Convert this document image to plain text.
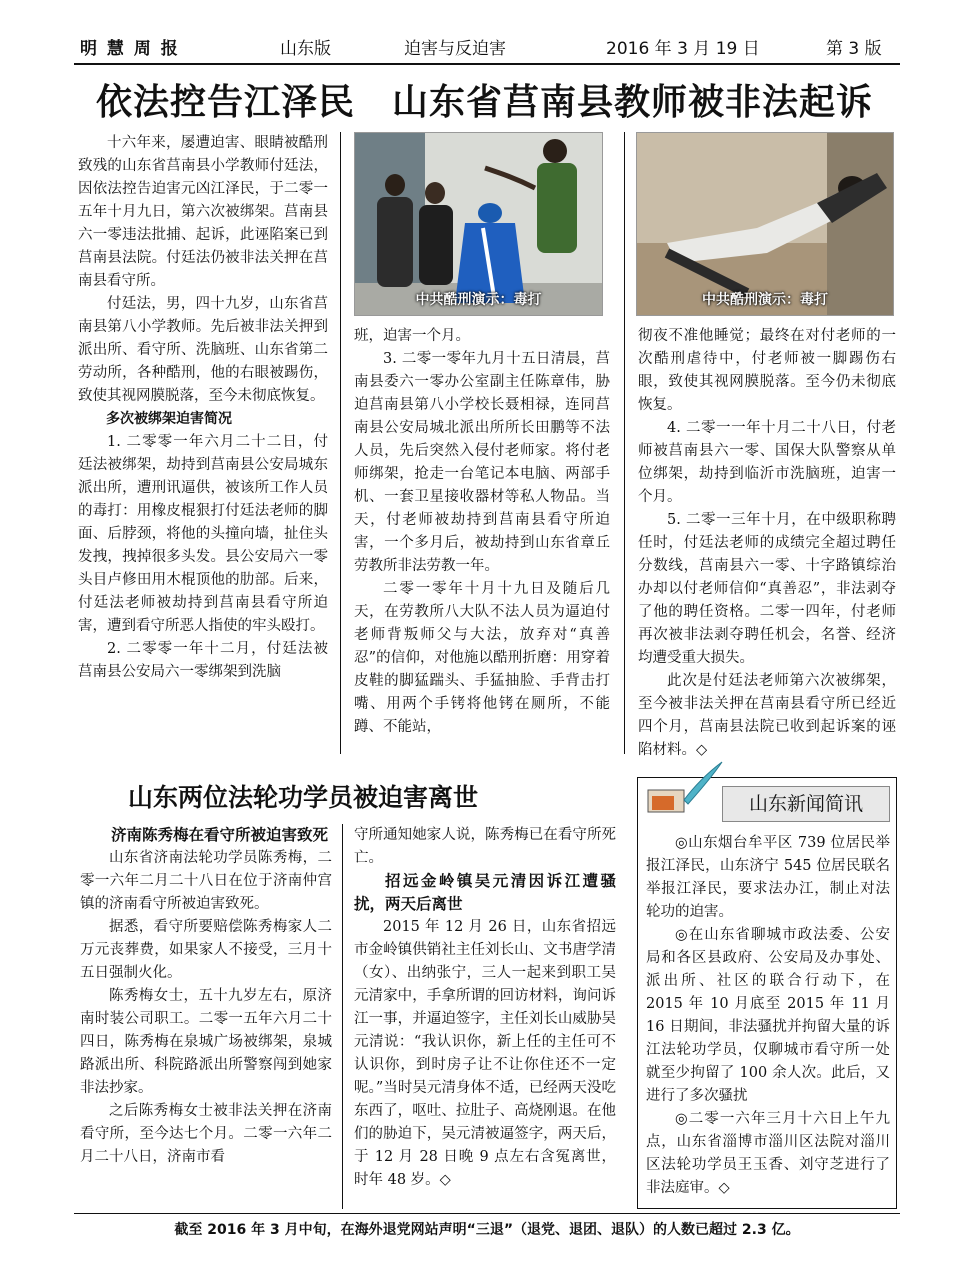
明 慧 周 报	山东版	迫害与反迫害	2016 年 3 月 19 日	第 3 版
依法控告江泽民　山东省莒南县教师被非法起诉

十六年来，屡遭迫害、眼睛被酷刑致残的山东省莒南县小学教师付廷法，因依法控告迫害元凶江泽民，于二零一五年十月九日，第六次被绑架。莒南县六一零违法批捕、起诉，此诬陷案已到莒南县法院。付廷法仍被非法关押在莒南县看守所。

付廷法，男，四十九岁，山东省莒南县第八小学教师。先后被非法关押到派出所、看守所、洗脑班、山东省第二劳动所，各种酷刑，他的右眼被踢伤，致使其视网膜脱落，至今未彻底恢复。

多次被绑架迫害简况

1. 二零零一年六月二十二日，付廷法被绑架，劫持到莒南县公安局城东派出所，遭刑讯逼供，被该所工作人员的毒打：用橡皮棍狠打付廷法老师的脚面、后脖颈，将他的头撞向墙，扯住头发拽，拽掉很多头发。县公安局六一零头目卢修田用木棍顶他的肋部。后来，付廷法老师被劫持到莒南县看守所迫害，遭到看守所恶人指使的牢头殴打。

2. 二零零一年十二月，付廷法被莒南县公安局六一零绑架到洗脑

中共酷刑演示：毒打

班，迫害一个月。

3. 二零一零年九月十五日清晨，莒南县委六一零办公室副主任陈章伟，胁迫莒南县第八小学校长聂相禄，连同莒南县公安局城北派出所所长田鹏等不法人员，先后突然入侵付老师家。将付老师绑架，抢走一台笔记本电脑、两部手机、一套卫星接收器材等私人物品。当天，付老师被劫持到莒南县看守所迫害，一个多月后，被劫持到山东省章丘劳教所非法劳教一年。

二零一零年十月十九日及随后几天，在劳教所八大队不法人员为逼迫付老师背叛师父与大法，放弃对“真善忍”的信仰，对他施以酷刑折磨：用穿着皮鞋的脚猛踹头、手猛抽脸、手背击打嘴、用两个手铐将他铐在厕所，不能蹲、不能站，

中共酷刑演示：毒打

彻夜不准他睡觉；最终在对付老师的一次酷刑虐待中，付老师被一脚踢伤右眼，致使其视网膜脱落。至今仍未彻底恢复。

4. 二零一一年十月二十八日，付老师被莒南县六一零、国保大队警察从单位绑架，劫持到临沂市洗脑班，迫害一个月。

5. 二零一三年十月，在中级职称聘任时，付廷法老师的成绩完全超过聘任分数线，莒南县六一零、十字路镇综治办却以付老师信仰“真善忍”，非法剥夺了他的聘任资格。二零一四年，付老师再次被非法剥夺聘任机会，名誉、经济均遭受重大损失。

此次是付廷法老师第六次被绑架，至今被非法关押在莒南县看守所已经近四个月，莒南县法院已收到起诉案的诬陷材料。◇

山东两位法轮功学员被迫害离世

济南陈秀梅在看守所被迫害致死

山东省济南法轮功学员陈秀梅，二零一六年二月二十八日在位于济南仲宫镇的济南看守所被迫害致死。

据悉，看守所要赔偿陈秀梅家人二万元丧葬费，如果家人不接受，三月十五日强制火化。

陈秀梅女士，五十九岁左右，原济南时装公司职工。二零一五年六月二十四日，陈秀梅在泉城广场被绑架，泉城路派出所、科院路派出所警察闯到她家非法抄家。

之后陈秀梅女士被非法关押在济南看守所，至今达七个月。二零一六年二月二十八日，济南市看

守所通知她家人说，陈秀梅已在看守所死亡。

招远金岭镇吴元清因诉江遭骚扰，两天后离世

2015 年 12 月 26 日，山东省招远市金岭镇供销社主任刘长山、文书唐学清（女）、出纳张宁，三人一起来到职工吴元清家中，手拿所谓的回访材料，询问诉江一事，并逼迫签字，主任刘长山威胁吴元清说：“我认识你，新上任的主任可不认识你，到时房子让不让你住还不一定呢。”当时吴元清身体不适，已经两天没吃东西了，呕吐、拉肚子、高烧刚退。在他们的胁迫下，吴元清被逼签字，两天后，于 12 月 28 日晚 9 点左右含冤离世，时年 48 岁。◇

山东新闻简讯

◎山东烟台牟平区 739 位居民举报江泽民，山东济宁 545 位居民联名举报江泽民，要求法办江，制止对法轮功的迫害。

◎在山东省聊城市政法委、公安局和各区县政府、公安局及办事处、派出所、社区的联合行动下，在 2015 年 10 月底至 2015 年 11 月 16 日期间，非法骚扰并拘留大量的诉江法轮功学员，仅聊城市看守所一处就至少拘留了 100 余人次。此后，又进行了多次骚扰

◎二零一六年三月十六日上午九点，山东省淄博市淄川区法院对淄川区法轮功学员王玉香、刘守芝进行了非法庭审。◇

截至 2016 年 3 月中旬，在海外退党网站声明“三退”（退党、退团、退队）的人数已超过 2.3 亿。
